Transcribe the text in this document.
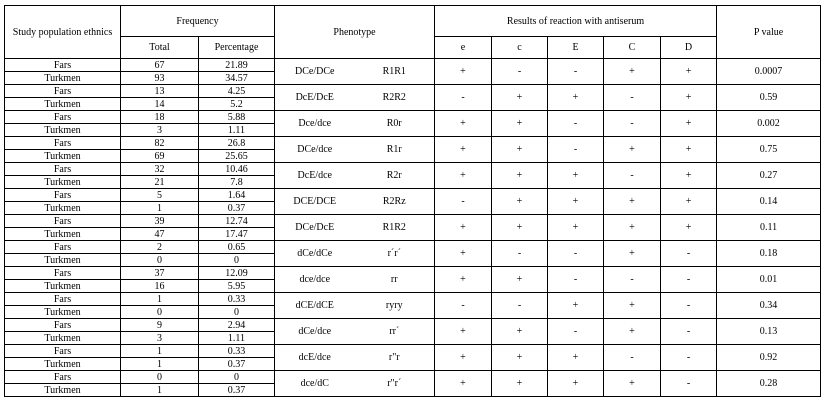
Study population ethnics	Frequency		Phenotype		Results of reaction with antiserum					P value
	Total	Percentage			e	c	E	C	D	
Fars	67	21.89	DCe/DCe	R1R1	+	-	-	+	+	0.0007
Turkmen	93	34.57								
Fars	13	4.25	DcE/DcE	R2R2	-	+	+	-	+	0.59
Turkmen	14	5.2								
Fars	18	5.88	Dce/dce	R0r	+	+	-	-	+	0.002
Turkmen	3	1.11								
Fars	82	26.8	DCe/dce	R1r	+	+	-	+	+	0.75
Turkmen	69	25.65								
Fars	32	10.46	DcE/dce	R2r	+	+	+	-	+	0.27
Turkmen	21	7.8								
Fars	5	1.64	DCE/DCE	R2Rz	-	+	+	+	+	0.14
Turkmen	1	0.37								
Fars	39	12.74	DCe/DcE	R1R2	+	+	+	+	+	0.11
Turkmen	47	17.47								
Fars	2	0.65	dCe/dCe	r´r´	+	-	-	+	-	0.18
Turkmen	0	0								
Fars	37	12.09	dce/dce	rr	+	+	-	-	-	0.01
Turkmen	16	5.95								
Fars	1	0.33	dCE/dCE	ryry	-	-	+	+	-	0.34
Turkmen	0	0								
Fars	9	2.94	dCe/dce	rr´	+	+	-	+	-	0.13
Turkmen	3	1.11								
Fars	1	0.33	dcE/dce	r"r	+	+	+	-	-	0.92
Turkmen	1	0.37								
Fars	0	0	dce/dC	r"r´	+	+	+	+	-	0.28
Turkmen	1	0.37								
